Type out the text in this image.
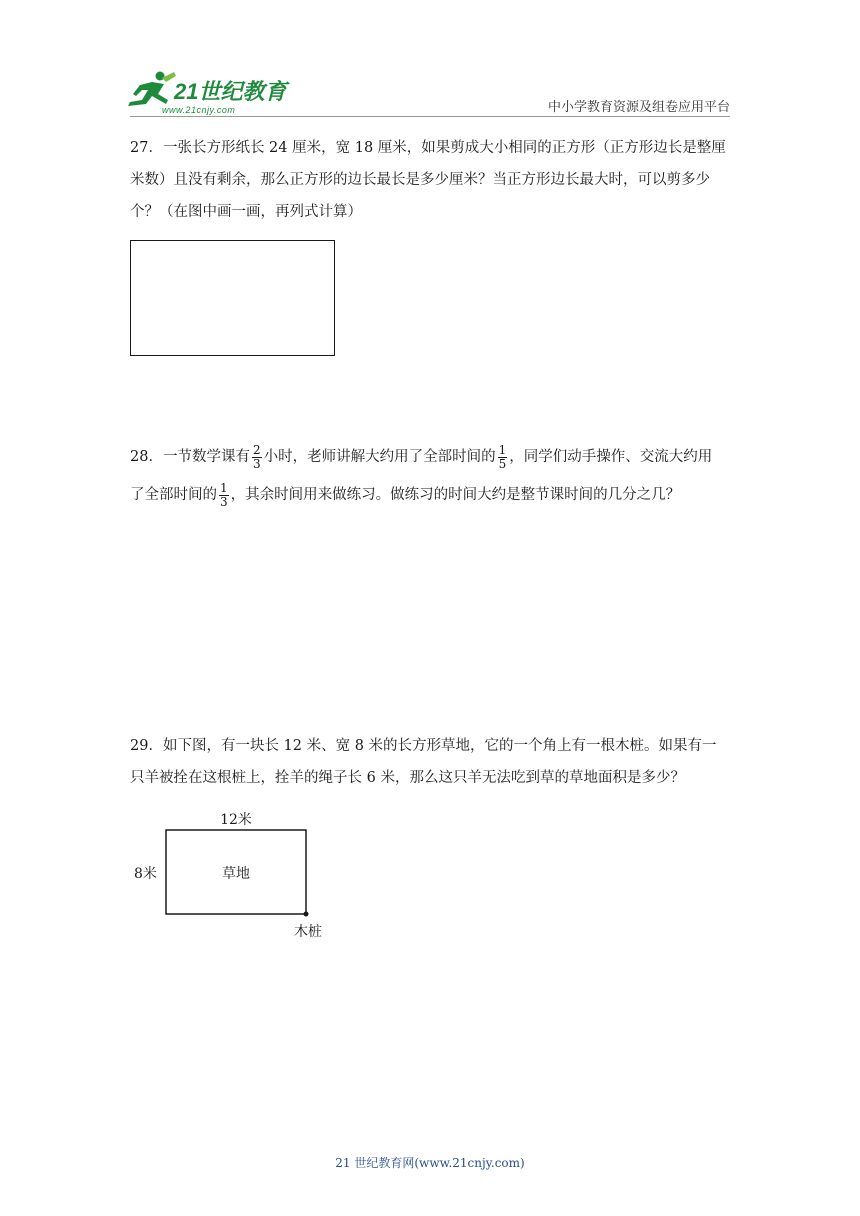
21世纪教育
www.21cnjy.com	中小学教育资源及组卷应用平台

27．一张长方形纸长 24 厘米，宽 18 厘米，如果剪成大小相同的正方形（正方形边长是整厘

米数）且没有剩余，那么正方形的边长最长是多少厘米？当正方形边长最大时，可以剪多少

个？（在图中画一画，再列式计算）

28．一节数学课有 $\frac{2}{3}$ 小时，老师讲解大约用了全部时间的 $\frac{1}{5}$ ，同学们动手操作、交流大约用

了全部时间的 $\frac{1}{3}$ ，其余时间用来做练习。做练习的时间大约是整节课时间的几分之几？

29．如下图，有一块长 12 米、宽 8 米的长方形草地，它的一个角上有一根木桩。如果有一

只羊被拴在这根桩上，拴羊的绳子长 6 米，那么这只羊无法吃到草的草地面积是多少？

12米
8米	草地
木桩
21 世纪教育网(www.21cnjy.com)
